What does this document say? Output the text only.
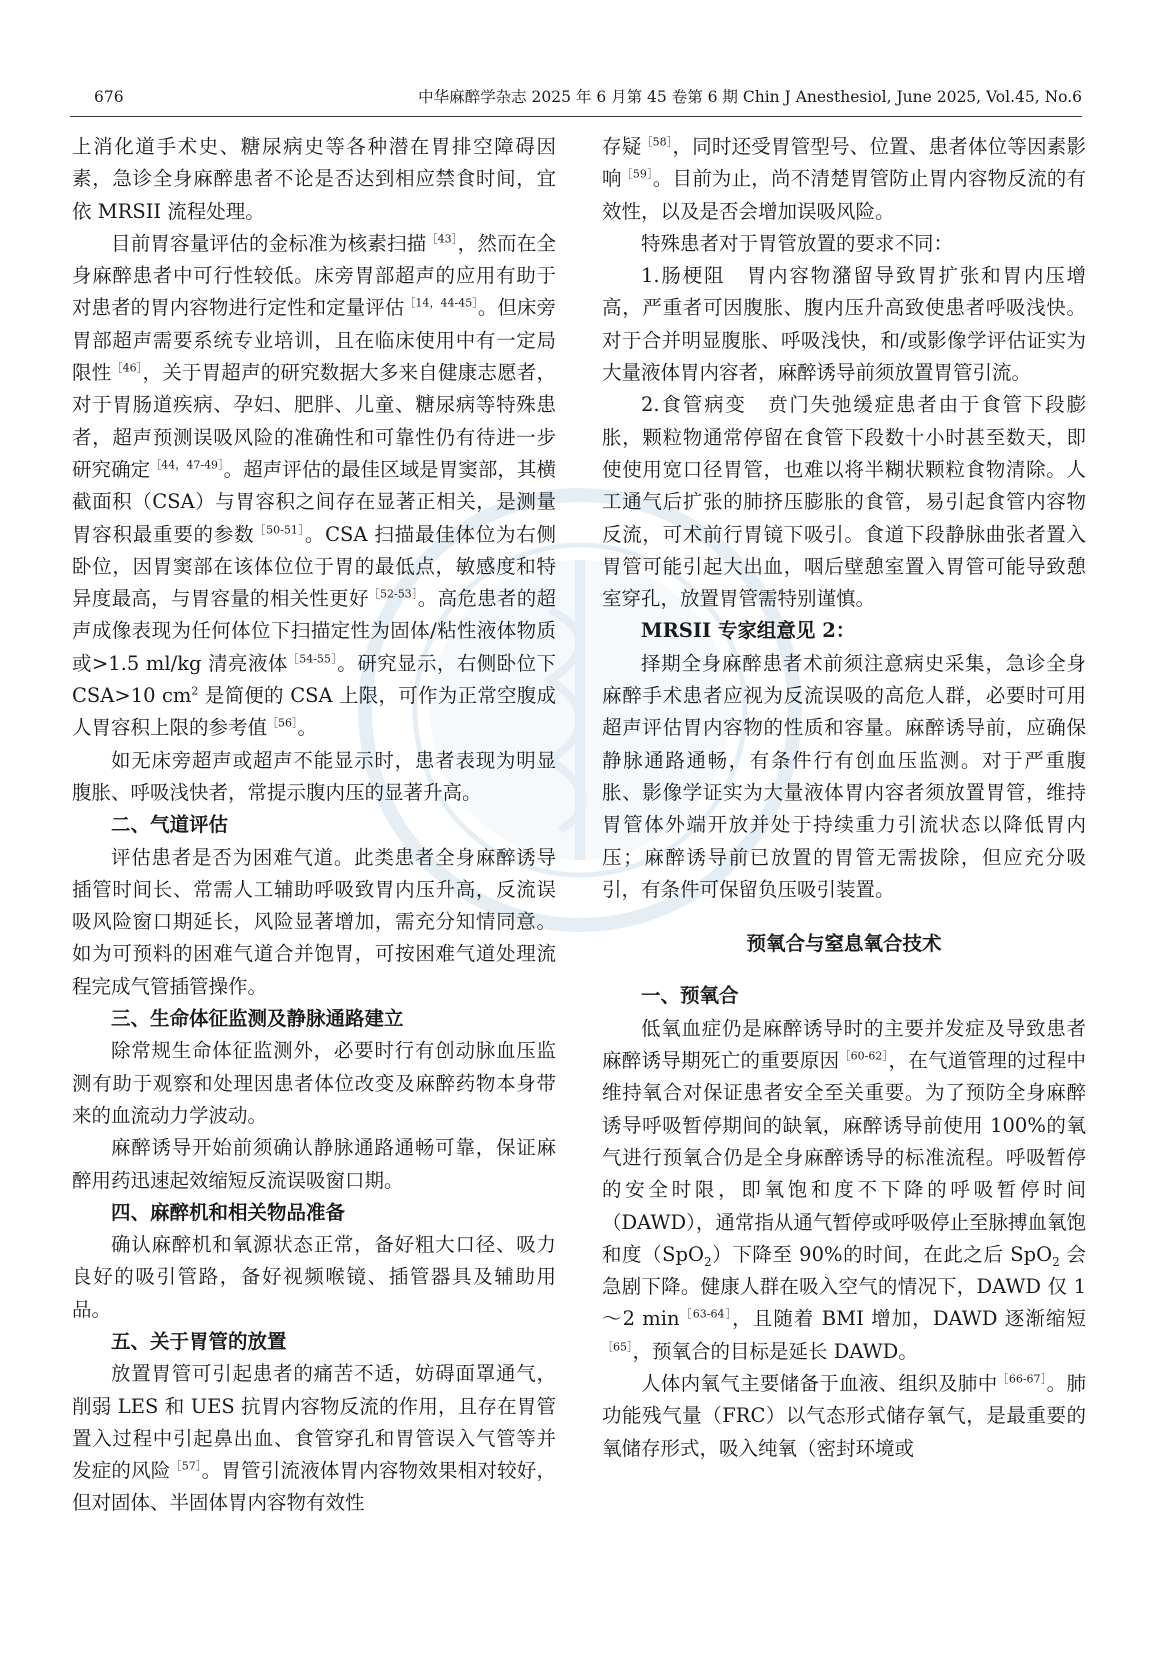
676	中华麻醉学杂志 2025 年 6 月第 45 卷第 6 期 Chin J Anesthesiol, June 2025, Vol.45, No.6

上消化道手术史、糖尿病史等各种潜在胃排空障碍因素，急诊全身麻醉患者不论是否达到相应禁食时间，宜依 MRSII 流程处理。

目前胃容量评估的金标准为核素扫描$^{[43]}$，然而在全身麻醉患者中可行性较低。床旁胃部超声的应用有助于对患者的胃内容物进行定性和定量评估$^{[14,44-45]}$。但床旁胃部超声需要系统专业培训，且在临床使用中有一定局限性$^{[46]}$，关于胃超声的研究数据大多来自健康志愿者，对于胃肠道疾病、孕妇、肥胖、儿童、糖尿病等特殊患者，超声预测误吸风险的准确性和可靠性仍有待进一步研究确定$^{[44,47-49]}$。超声评估的最佳区域是胃窦部，其横截面积（CSA）与胃容积之间存在显著正相关，是测量胃容积最重要的参数$^{[50-51]}$。CSA 扫描最佳体位为右侧卧位，因胃窦部在该体位位于胃的最低点，敏感度和特异度最高，与胃容量的相关性更好$^{[52-53]}$。高危患者的超声成像表现为任何体位下扫描定性为固体/粘性液体物质或>1.5 ml/kg 清亮液体$^{[54-55]}$。研究显示，右侧卧位下 CSA>10 $cm^2$ 是简便的 CSA 上限，可作为正常空腹成人胃容积上限的参考值$^{[56]}$。

如无床旁超声或超声不能显示时，患者表现为明显腹胀、呼吸浅快者，常提示腹内压的显著升高。

二、气道评估

评估患者是否为困难气道。此类患者全身麻醉诱导插管时间长、常需人工辅助呼吸致胃内压升高，反流误吸风险窗口期延长，风险显著增加，需充分知情同意。如为可预料的困难气道合并饱胃，可按困难气道处理流程完成气管插管操作。

三、生命体征监测及静脉通路建立

除常规生命体征监测外，必要时行有创动脉血压监测有助于观察和处理因患者体位改变及麻醉药物本身带来的血流动力学波动。

麻醉诱导开始前须确认静脉通路通畅可靠，保证麻醉用药迅速起效缩短反流误吸窗口期。

四、麻醉机和相关物品准备

确认麻醉机和氧源状态正常，备好粗大口径、吸力良好的吸引管路，备好视频喉镜、插管器具及辅助用品。

五、关于胃管的放置

放置胃管可引起患者的痛苦不适，妨碍面罩通气，削弱 LES 和 UES 抗胃内容物反流的作用，且存在胃管置入过程中引起鼻出血、食管穿孔和胃管误入气管等并发症的风险$^{[57]}$。胃管引流液体胃内容物效果相对较好，但对固体、半固体胃内容物有效性

存疑$^{[58]}$，同时还受胃管型号、位置、患者体位等因素影响$^{[59]}$。目前为止，尚不清楚胃管防止胃内容物反流的有效性，以及是否会增加误吸风险。

特殊患者对于胃管放置的要求不同：

1.肠梗阻　胃内容物潴留导致胃扩张和胃内压增高，严重者可因腹胀、腹内压升高致使患者呼吸浅快。对于合并明显腹胀、呼吸浅快，和/或影像学评估证实为大量液体胃内容者，麻醉诱导前须放置胃管引流。

2.食管病变　贲门失弛缓症患者由于食管下段膨胀，颗粒物通常停留在食管下段数十小时甚至数天，即使使用宽口径胃管，也难以将半糊状颗粒食物清除。人工通气后扩张的肺挤压膨胀的食管，易引起食管内容物反流，可术前行胃镜下吸引。食道下段静脉曲张者置入胃管可能引起大出血，咽后壁憩室置入胃管可能导致憩室穿孔，放置胃管需特别谨慎。

MRSII 专家组意见 2：

择期全身麻醉患者术前须注意病史采集，急诊全身麻醉手术患者应视为反流误吸的高危人群，必要时可用超声评估胃内容物的性质和容量。麻醉诱导前，应确保静脉通路通畅，有条件行有创血压监测。对于严重腹胀、影像学证实为大量液体胃内容者须放置胃管，维持胃管体外端开放并处于持续重力引流状态以降低胃内压；麻醉诱导前已放置的胃管无需拔除，但应充分吸引，有条件可保留负压吸引装置。

预氧合与窒息氧合技术
一、预氧合

低氧血症仍是麻醉诱导时的主要并发症及导致患者麻醉诱导期死亡的重要原因$^{[60-62]}$，在气道管理的过程中维持氧合对保证患者安全至关重要。为了预防全身麻醉诱导呼吸暂停期间的缺氧，麻醉诱导前使用 100%的氧气进行预氧合仍是全身麻醉诱导的标准流程。呼吸暂停的安全时限，即氧饱和度不下降的呼吸暂停时间（DAWD），通常指从通气暂停或呼吸停止至脉搏血氧饱和度（SpO$_2$）下降至 90%的时间，在此之后 SpO$_2$ 会急剧下降。健康人群在吸入空气的情况下，DAWD 仅 1～2 $\min^{[63-64]}$，且随着 BMI 增加，DAWD 逐渐缩短$^{[65]}$，预氧合的目标是延长 DAWD。

人体内氧气主要储备于血液、组织及肺中$^{[66-67]}$。肺功能残气量（FRC）以气态形式储存氧气，是最重要的氧储存形式，吸入纯氧（密封环境或
